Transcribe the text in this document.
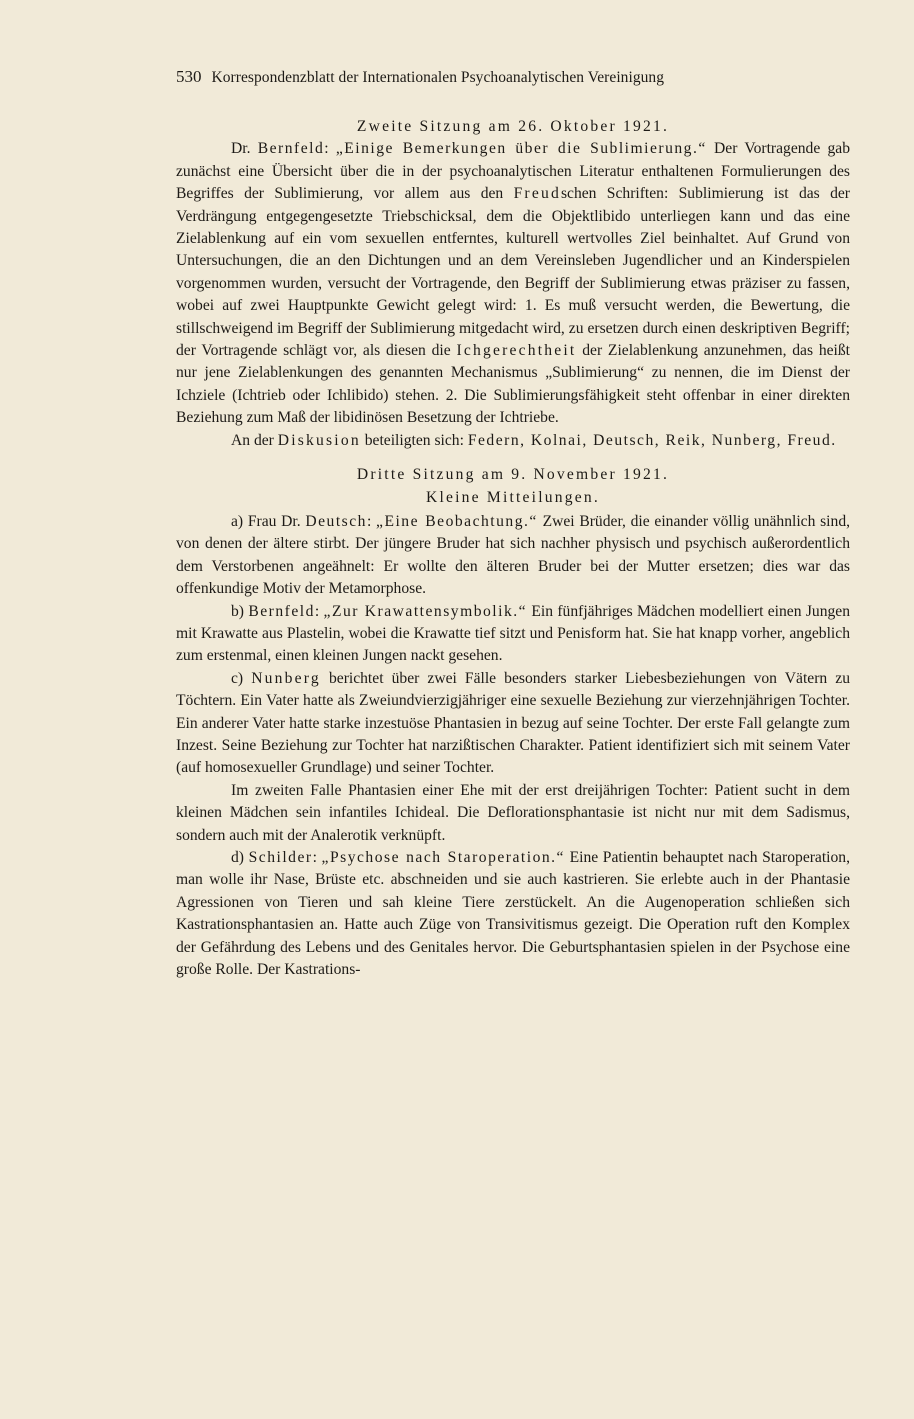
530 Korrespondenzblatt der Internationalen Psychoanalytischen Vereinigung
Zweite Sitzung am 26. Oktober 1921.

Dr. Bernfeld: „Einige Bemerkungen über die Sublimierung.“ Der Vortragende gab zunächst eine Übersicht über die in der psychoanalytischen Literatur enthaltenen Formulierungen des Begriffes der Sublimierung, vor allem aus den Freudschen Schriften: Sublimierung ist das der Verdrängung entgegengesetzte Triebschicksal, dem die Objektlibido unterliegen kann und das eine Zielablenkung auf ein vom sexuellen entferntes, kulturell wertvolles Ziel beinhaltet. Auf Grund von Untersuchungen, die an den Dichtungen und an dem Vereinsleben Jugendlicher und an Kinderspielen vorgenommen wurden, versucht der Vortragende, den Begriff der Sublimierung etwas präziser zu fassen, wobei auf zwei Hauptpunkte Gewicht gelegt wird: 1. Es muß versucht werden, die Bewertung, die stillschweigend im Begriff der Sublimierung mitgedacht wird, zu ersetzen durch einen deskriptiven Begriff; der Vortragende schlägt vor, als diesen die Ichgerechtheit der Zielablenkung anzunehmen, das heißt nur jene Zielablenkungen des genannten Mechanismus „Sublimierung“ zu nennen, die im Dienst der Ichziele (Ichtrieb oder Ichlibido) stehen. 2. Die Sublimierungsfähigkeit steht offenbar in einer direkten Beziehung zum Maß der libidinösen Besetzung der Ichtriebe.

An der Diskusion beteiligten sich: Federn, Kolnai, Deutsch, Reik, Nunberg, Freud.

Dritte Sitzung am 9. November 1921.
Kleine Mitteilungen.

a) Frau Dr. Deutsch: „Eine Beobachtung.“ Zwei Brüder, die einander völlig unähnlich sind, von denen der ältere stirbt. Der jüngere Bruder hat sich nachher physisch und psychisch außerordentlich dem Verstorbenen angeähnelt: Er wollte den älteren Bruder bei der Mutter ersetzen; dies war das offenkundige Motiv der Metamorphose.

b) Bernfeld: „Zur Krawattensymbolik.“ Ein fünfjähriges Mädchen modelliert einen Jungen mit Krawatte aus Plastelin, wobei die Krawatte tief sitzt und Penisform hat. Sie hat knapp vorher, angeblich zum erstenmal, einen kleinen Jungen nackt gesehen.

c) Nunberg berichtet über zwei Fälle besonders starker Liebesbeziehungen von Vätern zu Töchtern. Ein Vater hatte als Zweiundvierzigjähriger eine sexuelle Beziehung zur vierzehnjährigen Tochter. Ein anderer Vater hatte starke inzestuöse Phantasien in bezug auf seine Tochter. Der erste Fall gelangte zum Inzest. Seine Beziehung zur Tochter hat narzißtischen Charakter. Patient identifiziert sich mit seinem Vater (auf homosexueller Grundlage) und seiner Tochter.

Im zweiten Falle Phantasien einer Ehe mit der erst dreijährigen Tochter: Patient sucht in dem kleinen Mädchen sein infantiles Ichideal. Die Deflorationsphantasie ist nicht nur mit dem Sadismus, sondern auch mit der Analerotik verknüpft.

d) Schilder: „Psychose nach Staroperation.“ Eine Patientin behauptet nach Staroperation, man wolle ihr Nase, Brüste etc. abschneiden und sie auch kastrieren. Sie erlebte auch in der Phantasie Agressionen von Tieren und sah kleine Tiere zerstückelt. An die Augenoperation schließen sich Kastrationsphantasien an. Hatte auch Züge von Transivitismus gezeigt. Die Operation ruft den Komplex der Gefährdung des Lebens und des Genitales hervor. Die Geburtsphantasien spielen in der Psychose eine große Rolle. Der Kastrations-
